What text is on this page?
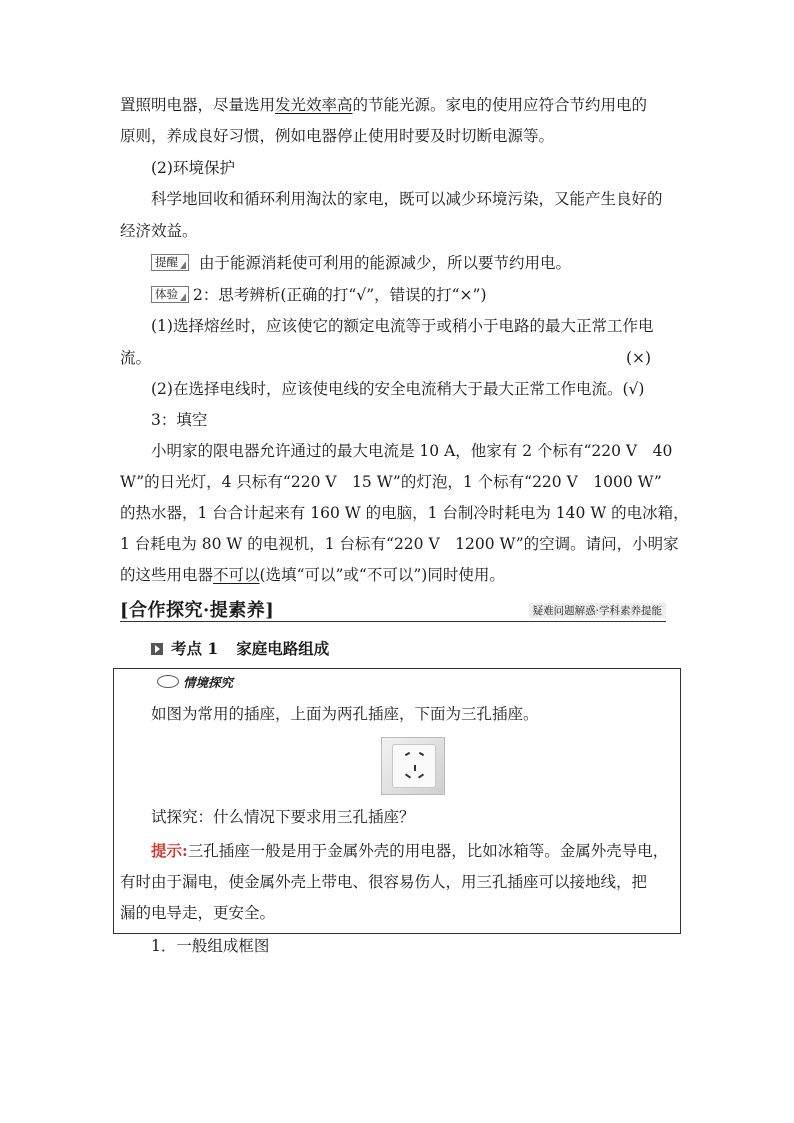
置照明电器，尽量选用发光效率高的节能光源。家电的使用应符合节约用电的
原则，养成良好习惯，例如电器停止使用时要及时切断电源等。
(2)环境保护
科学地回收和循环利用淘汰的家电，既可以减少环境污染，又能产生良好的
经济效益。
提醒 由于能源消耗使可利用的能源减少，所以要节约用电。
体验 2：思考辨析(正确的打“√”，错误的打“×”)
(1)选择熔丝时，应该使它的额定电流等于或稍小于电路的最大正常工作电
流。	(×)
(2)在选择电线时，应该使电线的安全电流稍大于最大正常工作电流。(√)
3：填空
小明家的限电器允许通过的最大电流是 10 A，他家有 2 个标有“220 V　40
W”的日光灯，4 只标有“220 V　15 W”的灯泡，1 个标有“220 V　1000 W”
的热水器，1 台合计起来有 160 W 的电脑，1 台制冷时耗电为 140 W 的电冰箱，
1 台耗电为 80 W 的电视机，1 台标有“220 V　1200 W”的空调。请问，小明家
的这些用电器不可以(选填“可以”或“不可以”)同时使用。
[合作探究·提素养]	疑难问题解惑·学科素养提能
考点 1 家庭电路组成
情境探究
如图为常用的插座，上面为两孔插座，下面为三孔插座。
试探究：什么情况下要求用三孔插座？
提示:三孔插座一般是用于金属外壳的用电器，比如冰箱等。金属外壳导电，
有时由于漏电，使金属外壳上带电、很容易伤人，用三孔插座可以接地线，把
漏的电导走，更安全。
1．一般组成框图
